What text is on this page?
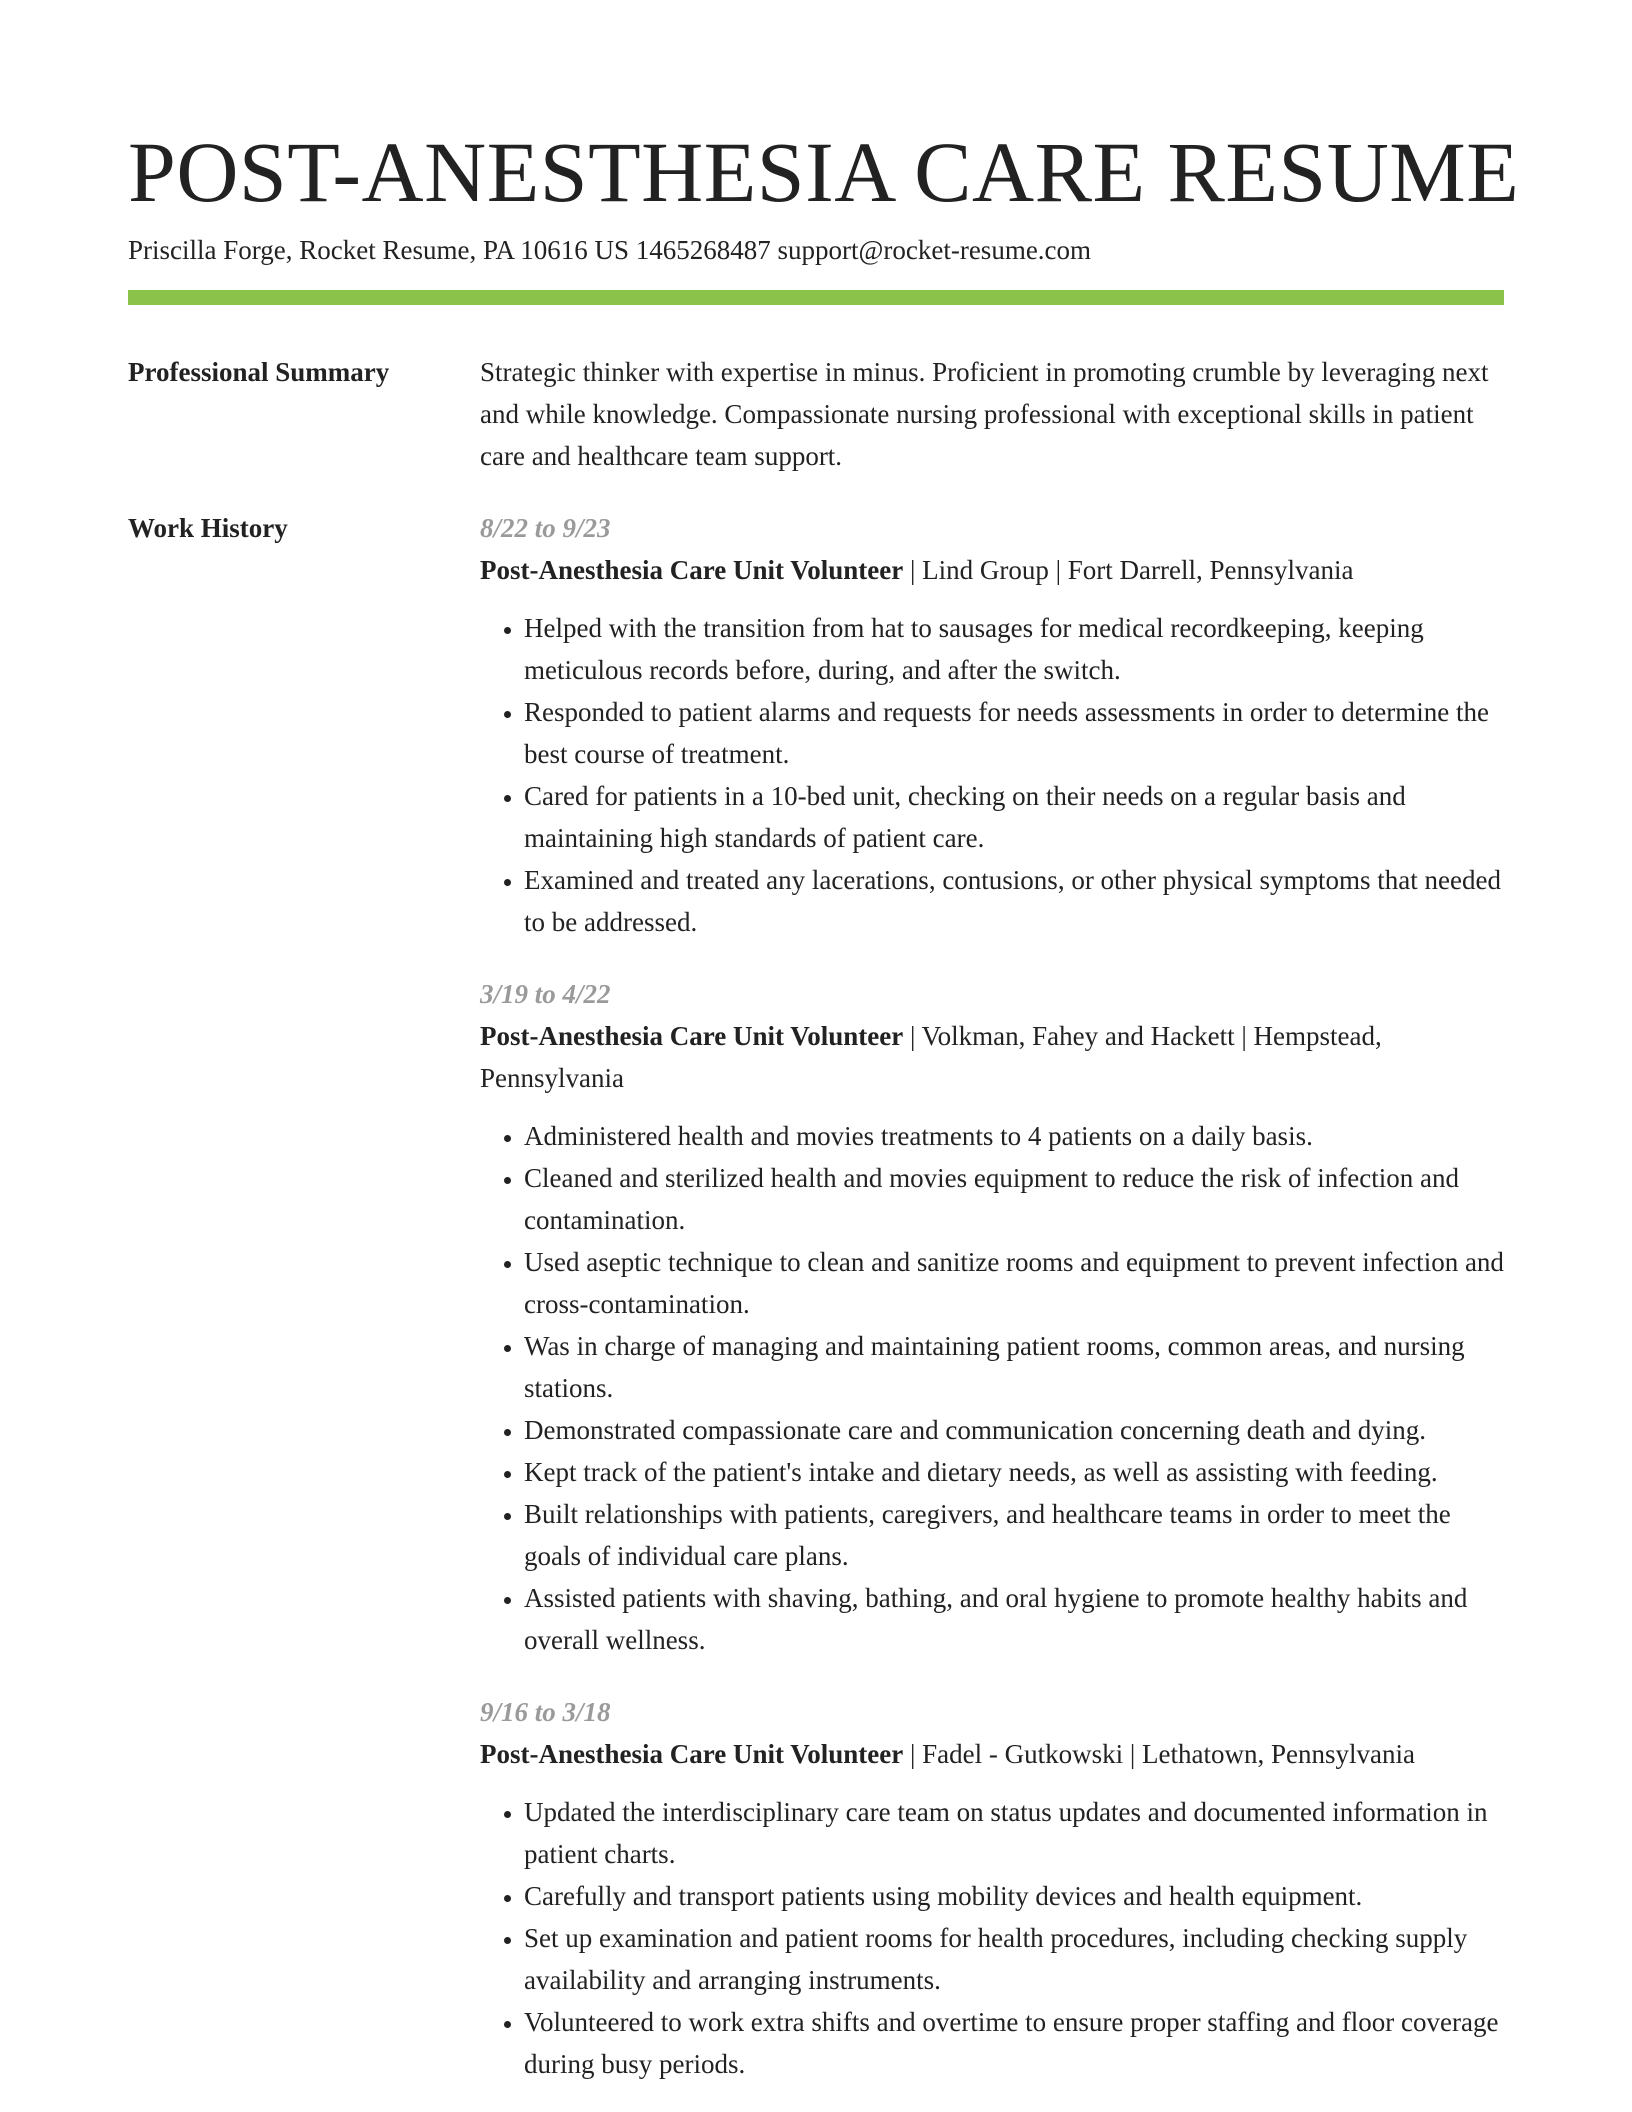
POST-ANESTHESIA CARE RESUME
Priscilla Forge, Rocket Resume, PA 10616 US 1465268487 support@rocket-resume.com
Professional Summary	Strategic thinker with expertise in minus. Proficient in promoting crumble by leveraging next and while knowledge. Compassionate nursing professional with exceptional skills in patient care and healthcare team support.

Work History	8/22 to 9/23
Post-Anesthesia Care Unit Volunteer | Lind Group | Fort Darrell, Pennsylvania
• Helped with the transition from hat to sausages for medical recordkeeping, keeping meticulous records before, during, and after the switch.
• Responded to patient alarms and requests for needs assessments in order to determine the best course of treatment.
• Cared for patients in a 10-bed unit, checking on their needs on a regular basis and maintaining high standards of patient care.
• Examined and treated any lacerations, contusions, or other physical symptoms that needed to be addressed.
3/19 to 4/22
Post-Anesthesia Care Unit Volunteer | Volkman, Fahey and Hackett | Hempstead, Pennsylvania
• Administered health and movies treatments to 4 patients on a daily basis.
• Cleaned and sterilized health and movies equipment to reduce the risk of infection and contamination.
• Used aseptic technique to clean and sanitize rooms and equipment to prevent infection and cross-contamination.
• Was in charge of managing and maintaining patient rooms, common areas, and nursing stations.
• Demonstrated compassionate care and communication concerning death and dying.
• Kept track of the patient's intake and dietary needs, as well as assisting with feeding.
• Built relationships with patients, caregivers, and healthcare teams in order to meet the goals of individual care plans.
• Assisted patients with shaving, bathing, and oral hygiene to promote healthy habits and overall wellness.
9/16 to 3/18
Post-Anesthesia Care Unit Volunteer | Fadel - Gutkowski | Lethatown, Pennsylvania
• Updated the interdisciplinary care team on status updates and documented information in patient charts.
• Carefully and transport patients using mobility devices and health equipment.
• Set up examination and patient rooms for health procedures, including checking supply availability and arranging instruments.
• Volunteered to work extra shifts and overtime to ensure proper staffing and floor coverage during busy periods.
